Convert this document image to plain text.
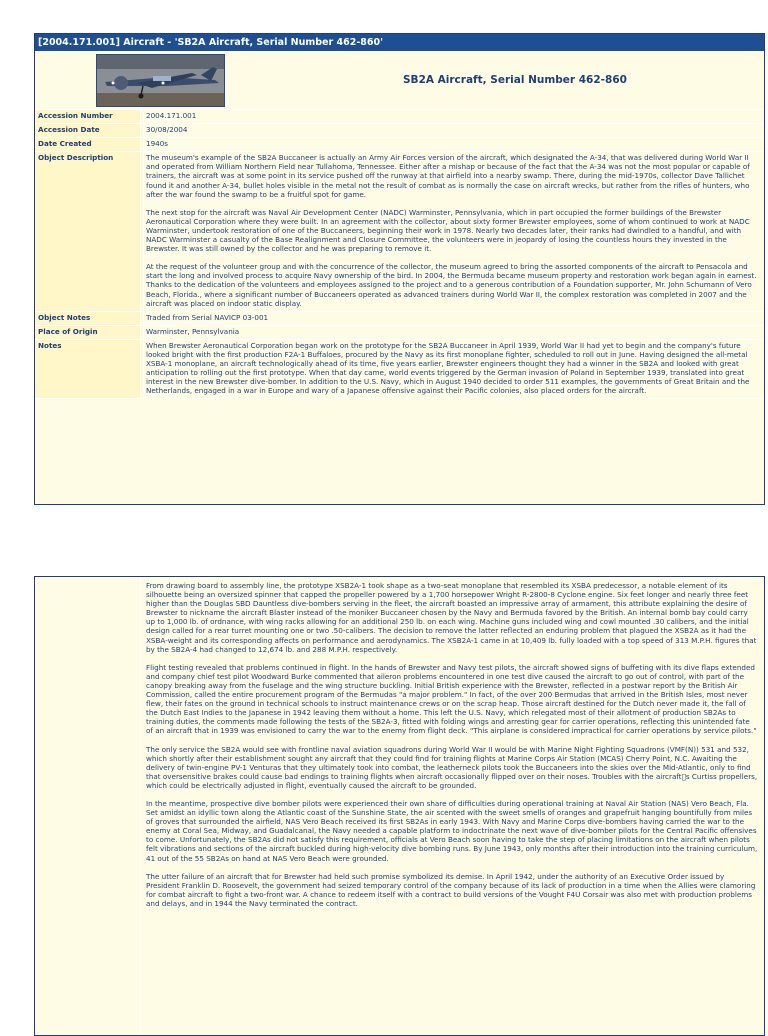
[2004.171.001] Aircraft - 'SB2A Aircraft, Serial Number 462-860'
SB2A Aircraft, Serial Number 462-860
Accession Number	2004.171.001

Accession Date	30/08/2004

Date Created	1940s

Object Description	The museum's example of the SB2A Buccaneer is actually an Army Air Forces version of the aircraft, which designated the A-34, that was delivered during World War II and operated from William Northern Field near Tullahoma, Tennessee. Either after a mishap or because of the fact that the A-34 was not the most popular or capable of trainers, the aircraft was at some point in its service pushed off the runway at that airfield into a nearby swamp. There, during the mid-1970s, collector Dave Tallichet found it and another A-34, bullet holes visible in the metal not the result of combat as is normally the case on aircraft wrecks, but rather from the rifles of hunters, who after the war found the swamp to be a fruitful spot for game.

The next stop for the aircraft was Naval Air Development Center (NADC) Warminster, Pennsylvania, which in part occupied the former buildings of the Brewster Aeronautical Corporation where they were built. In an agreement with the collector, about sixty former Brewster employees, some of whom continued to work at NADC Warminster, undertook restoration of one of the Buccaneers, beginning their work in 1978. Nearly two decades later, their ranks had dwindled to a handful, and with NADC Warminster a casualty of the Base Realignment and Closure Committee, the volunteers were in jeopardy of losing the countless hours they invested in the Brewster. It was still owned by the collector and he was preparing to remove it.

At the request of the volunteer group and with the concurrence of the collector, the museum agreed to bring the assorted components of the aircraft to Pensacola and start the long and involved process to acquire Navy ownership of the bird. In 2004, the Bermuda became museum property and restoration work began again in earnest. Thanks to the dedication of the volunteers and employees assigned to the project and to a generous contribution of a Foundation supporter, Mr. John Schumann of Vero Beach, Florida., where a significant number of Buccaneers operated as advanced trainers during World War II, the complex restoration was completed in 2007 and the aircraft was placed on indoor static display.

Object Notes	Traded from Serial NAVICP 03-001

Place of Origin	Warminster, Pennsylvania

Notes	When Brewster Aeronautical Corporation began work on the prototype for the SB2A Buccaneer in April 1939, World War II had yet to begin and the company's future looked bright with the first production F2A-1 Buffaloes, procured by the Navy as its first monoplane fighter, scheduled to roll out in June. Having designed the all-metal XSBA-1 monoplane, an aircraft technologically ahead of its time, five years earlier, Brewster engineers thought they had a winner in the SB2A and looked with great anticipation to rolling out the first prototype. When that day came, world events triggered by the German invasion of Poland in September 1939, translated into great interest in the new Brewster dive-bomber. In addition to the U.S. Navy, which in August 1940 decided to order 511 examples, the governments of Great Britain and the Netherlands, engaged in a war in Europe and wary of a Japanese offensive against their Pacific colonies, also placed orders for the aircraft.

From drawing board to assembly line, the prototype XSB2A-1 took shape as a two-seat monoplane that resembled its XSBA predecessor, a notable element of its silhouette being an oversized spinner that capped the propeller powered by a 1,700 horsepower Wright R-2800-8 Cyclone engine. Six feet longer and nearly three feet higher than the Douglas SBD Dauntless dive-bombers serving in the fleet, the aircraft boasted an impressive array of armament, this attribute explaining the desire of Brewster to nickname the aircraft Blaster instead of the moniker Buccaneer chosen by the Navy and Bermuda favored by the British. An internal bomb bay could carry up to 1,000 lb. of ordnance, with wing racks allowing for an additional 250 lb. on each wing. Machine guns included wing and cowl mounted .30 calibers, and the initial design called for a rear turret mounting one or two .50-calibers. The decision to remove the latter reflected an enduring problem that plagued the XSB2A as it had the XSBA-weight and its corresponding affects on performance and aerodynamics. The XSB2A-1 came in at 10,409 lb. fully loaded with a top speed of 313 M.P.H. figures that by the SB2A-4 had changed to 12,674 lb. and 288 M.P.H. respectively.

Flight testing revealed that problems continued in flight. In the hands of Brewster and Navy test pilots, the aircraft showed signs of buffeting with its dive flaps extended and company chief test pilot Woodward Burke commented that aileron problems encountered in one test dive caused the aircraft to go out of control, with part of the canopy breaking away from the fuselage and the wing structure buckling. Initial British experience with the Brewster, reflected in a postwar report by the British Air Commission, called the entire procurement program of the Bermudas "a major problem." In fact, of the over 200 Bermudas that arrived in the British Isles, most never flew, their fates on the ground in technical schools to instruct maintenance crews or on the scrap heap. Those aircraft destined for the Dutch never made it, the fall of the Dutch East Indies to the Japanese in 1942 leaving them without a home. This left the U.S. Navy, which relegated most of their allotment of production SB2As to training duties, the comments made following the tests of the SB2A-3, fitted with folding wings and arresting gear for carrier operations, reflecting this unintended fate of an aircraft that in 1939 was envisioned to carry the war to the enemy from flight deck. "This airplane is considered impractical for carrier operations by service pilots."

The only service the SB2A would see with frontline naval aviation squadrons during World War II would be with Marine Night Fighting Squadrons (VMF(N)) 531 and 532, which shortly after their establishment sought any aircraft that they could find for training flights at Marine Corps Air Station (MCAS) Cherry Point, N.C. Awaiting the delivery of twin-engine PV-1 Venturas that they ultimately took into combat, the leatherneck pilots took the Buccaneers into the skies over the Mid-Atlantic, only to find that oversensitive brakes could cause bad endings to training flights when aircraft occasionally flipped over on their noses. Troubles with the aircraft s Curtiss propellers, which could be electrically adjusted in flight, eventually caused the aircraft to be grounded.

In the meantime, prospective dive bomber pilots were experienced their own share of difficulties during operational training at Naval Air Station (NAS) Vero Beach, Fla. Set amidst an idyllic town along the Atlantic coast of the Sunshine State, the air scented with the sweet smells of oranges and grapefruit hanging bountifully from miles of groves that surrounded the airfield, NAS Vero Beach received its first SB2As in early 1943. With Navy and Marine Corps dive-bombers having carried the war to the enemy at Coral Sea, Midway, and Guadalcanal, the Navy needed a capable platform to indoctrinate the next wave of dive-bomber pilots for the Central Pacific offensives to come. Unfortunately, the SB2As did not satisfy this requirement, officials at Vero Beach soon having to take the step of placing limitations on the aircraft when pilots felt vibrations and sections of the aircraft buckled during high-velocity dive bombing runs. By June 1943, only months after their introduction into the training curriculum, 41 out of the 55 SB2As on hand at NAS Vero Beach were grounded.

The utter failure of an aircraft that for Brewster had held such promise symbolized its demise. In April 1942, under the authority of an Executive Order issued by President Franklin D. Roosevelt, the government had seized temporary control of the company because of its lack of production in a time when the Allies were clamoring for combat aircraft to fight a two-front war. A chance to redeem itself with a contract to build versions of the Vought F4U Corsair was also met with production problems and delays, and in 1944 the Navy terminated the contract.
